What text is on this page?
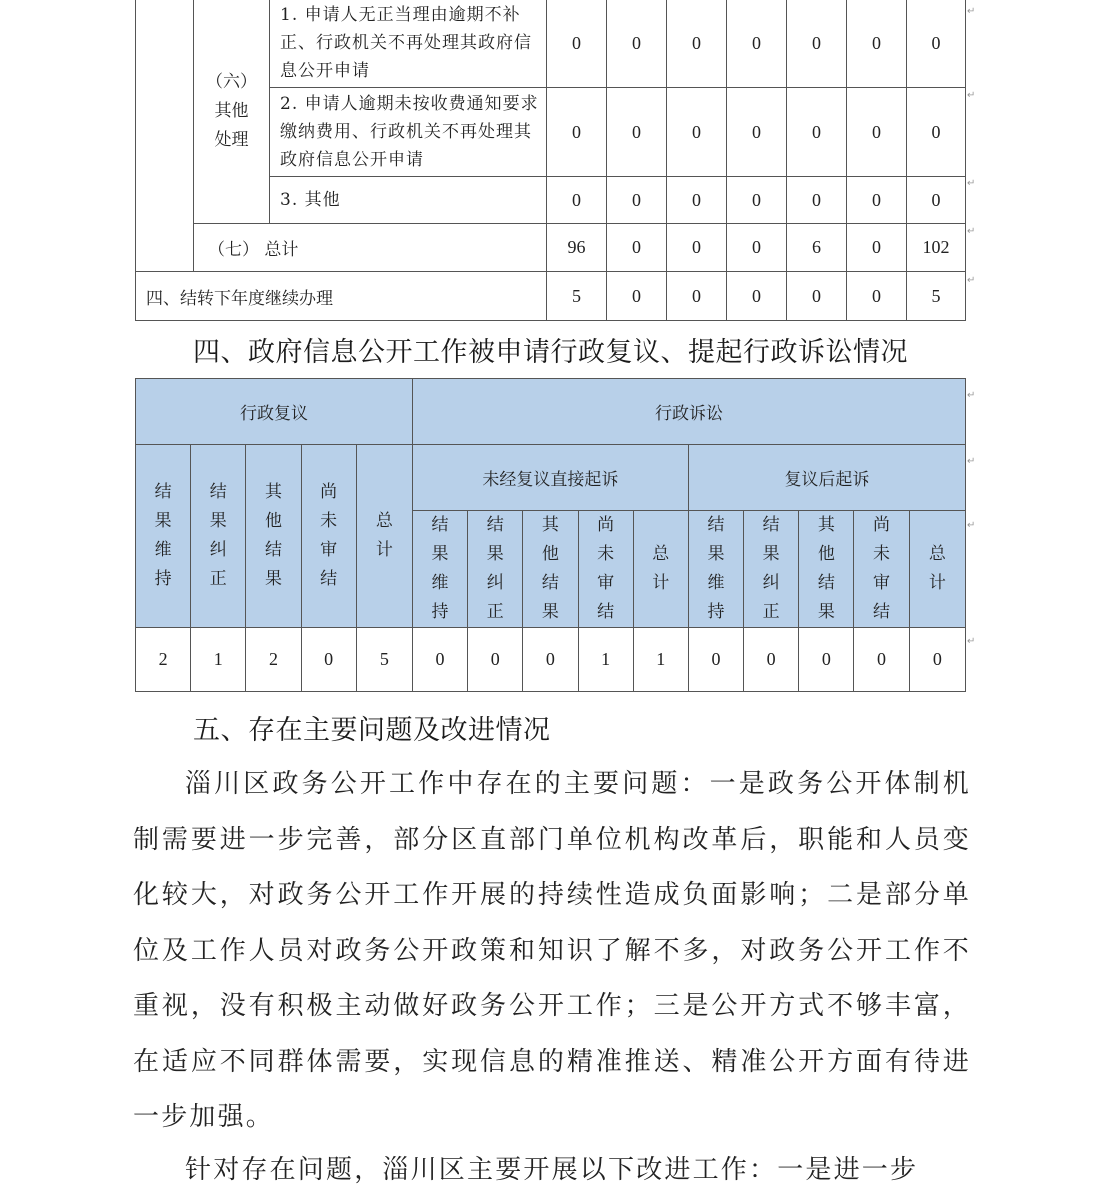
	（六）
其他
处理	1. 申请人无正当理由逾期不补正、行政机关不再处理其政府信息公开申请	0	0	0	0	0	0	0
		2. 申请人逾期未按收费通知要求缴纳费用、行政机关不再处理其政府信息公开申请	0	0	0	0	0	0	0
		3. 其他	0	0	0	0	0	0	0
	（七） 总计		96	0	0	0	6	0	102
四、结转下年度继续办理			5	0	0	0	0	0	5
四、政府信息公开工作被申请行政复议、提起行政诉讼情况
行政复议					行政诉讼									
结果维持	结果纠正	其他结果	尚未审结	总计	未经复议直接起诉					复议后起诉				
					结果维持	结果纠正	其他结果	尚未审结	总计	结果维持	结果纠正	其他结果	尚未审结	总计
2	1	2	0	5	0	0	0	1	1	0	0	0	0	0
五、存在主要问题及改进情况

淄川区政务公开工作中存在的主要问题：一是政务公开体制机制需要进一步完善，部分区直部门单位机构改革后，职能和人员变化较大，对政务公开工作开展的持续性造成负面影响；二是部分单位及工作人员对政务公开政策和知识了解不多，对政务公开工作不重视，没有积极主动做好政务公开工作；三是公开方式不够丰富，在适应不同群体需要，实现信息的精准推送、精准公开方面有待进一步加强。

针对存在问题，淄川区主要开展以下改进工作：一是进一步

↵
↵
↵
↵
↵
↵
↵
↵
↵
